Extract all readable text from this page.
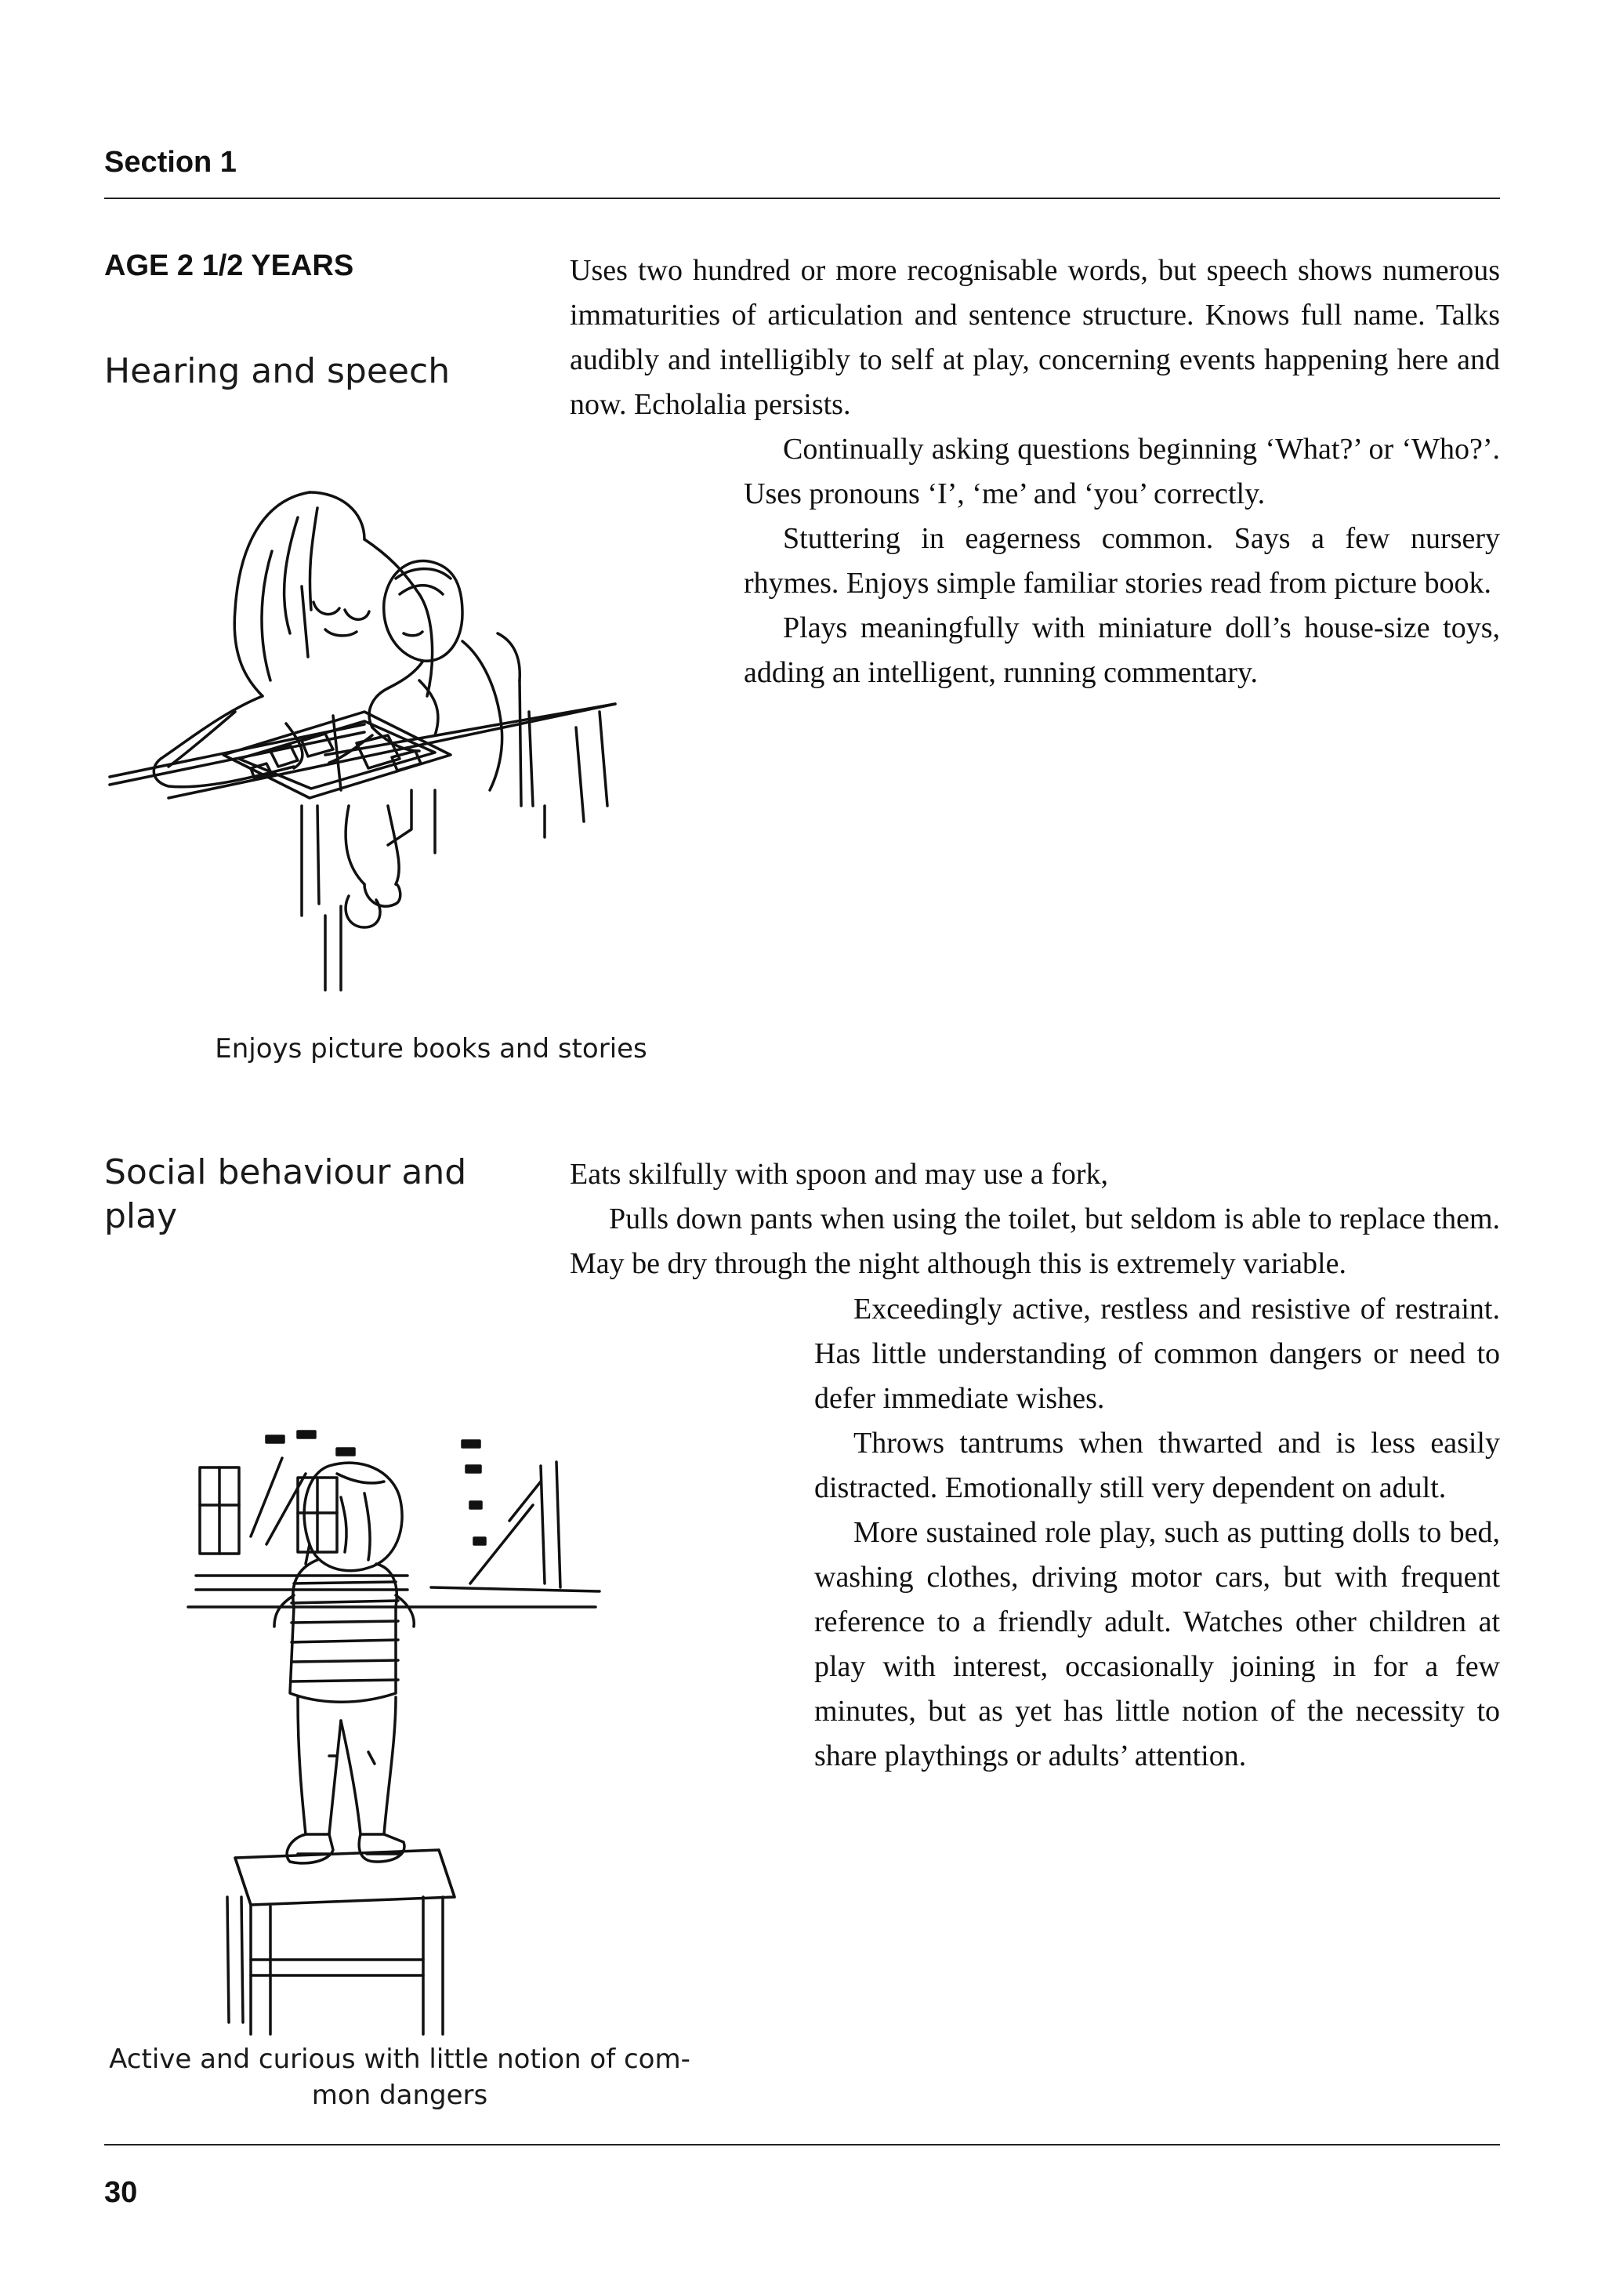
Section 1
AGE 2 1/2 YEARS
Hearing and speech

Uses two hundred or more recognisable words, but speech shows numerous immaturities of articulation and sentence structure. Knows full name. Talks audibly and intelligibly to self at play, concerning events happening here and now. Echolalia persists.

Continually asking questions beginning ‘What?’ or ‘Who?’. Uses pronouns ‘I’, ‘me’ and ‘you’ correctly.

Stuttering in eagerness common. Says a few nursery rhymes. Enjoys simple familiar stories read from picture book.

Plays meaningfully with miniature doll’s house-size toys, adding an intelligent, running commentary.

Enjoys picture books and stories
Social behaviour and play

Eats skilfully with spoon and may use a fork,

Pulls down pants when using the toilet, but seldom is able to replace them. May be dry through the night although this is extremely variable.

Exceedingly active, restless and resistive of restraint. Has little understanding of common dangers or need to defer immediate wishes.

Throws tantrums when thwarted and is less easily distracted. Emotionally still very dependent on adult.

More sustained role play, such as putting dolls to bed, washing clothes, driving motor cars, but with frequent reference to a friendly adult. Watches other children at play with interest, occasionally joining in for a few minutes, but as yet has little notion of the necessity to share playthings or adults’ attention.

Active and curious with little notion of com- mon dangers
30
